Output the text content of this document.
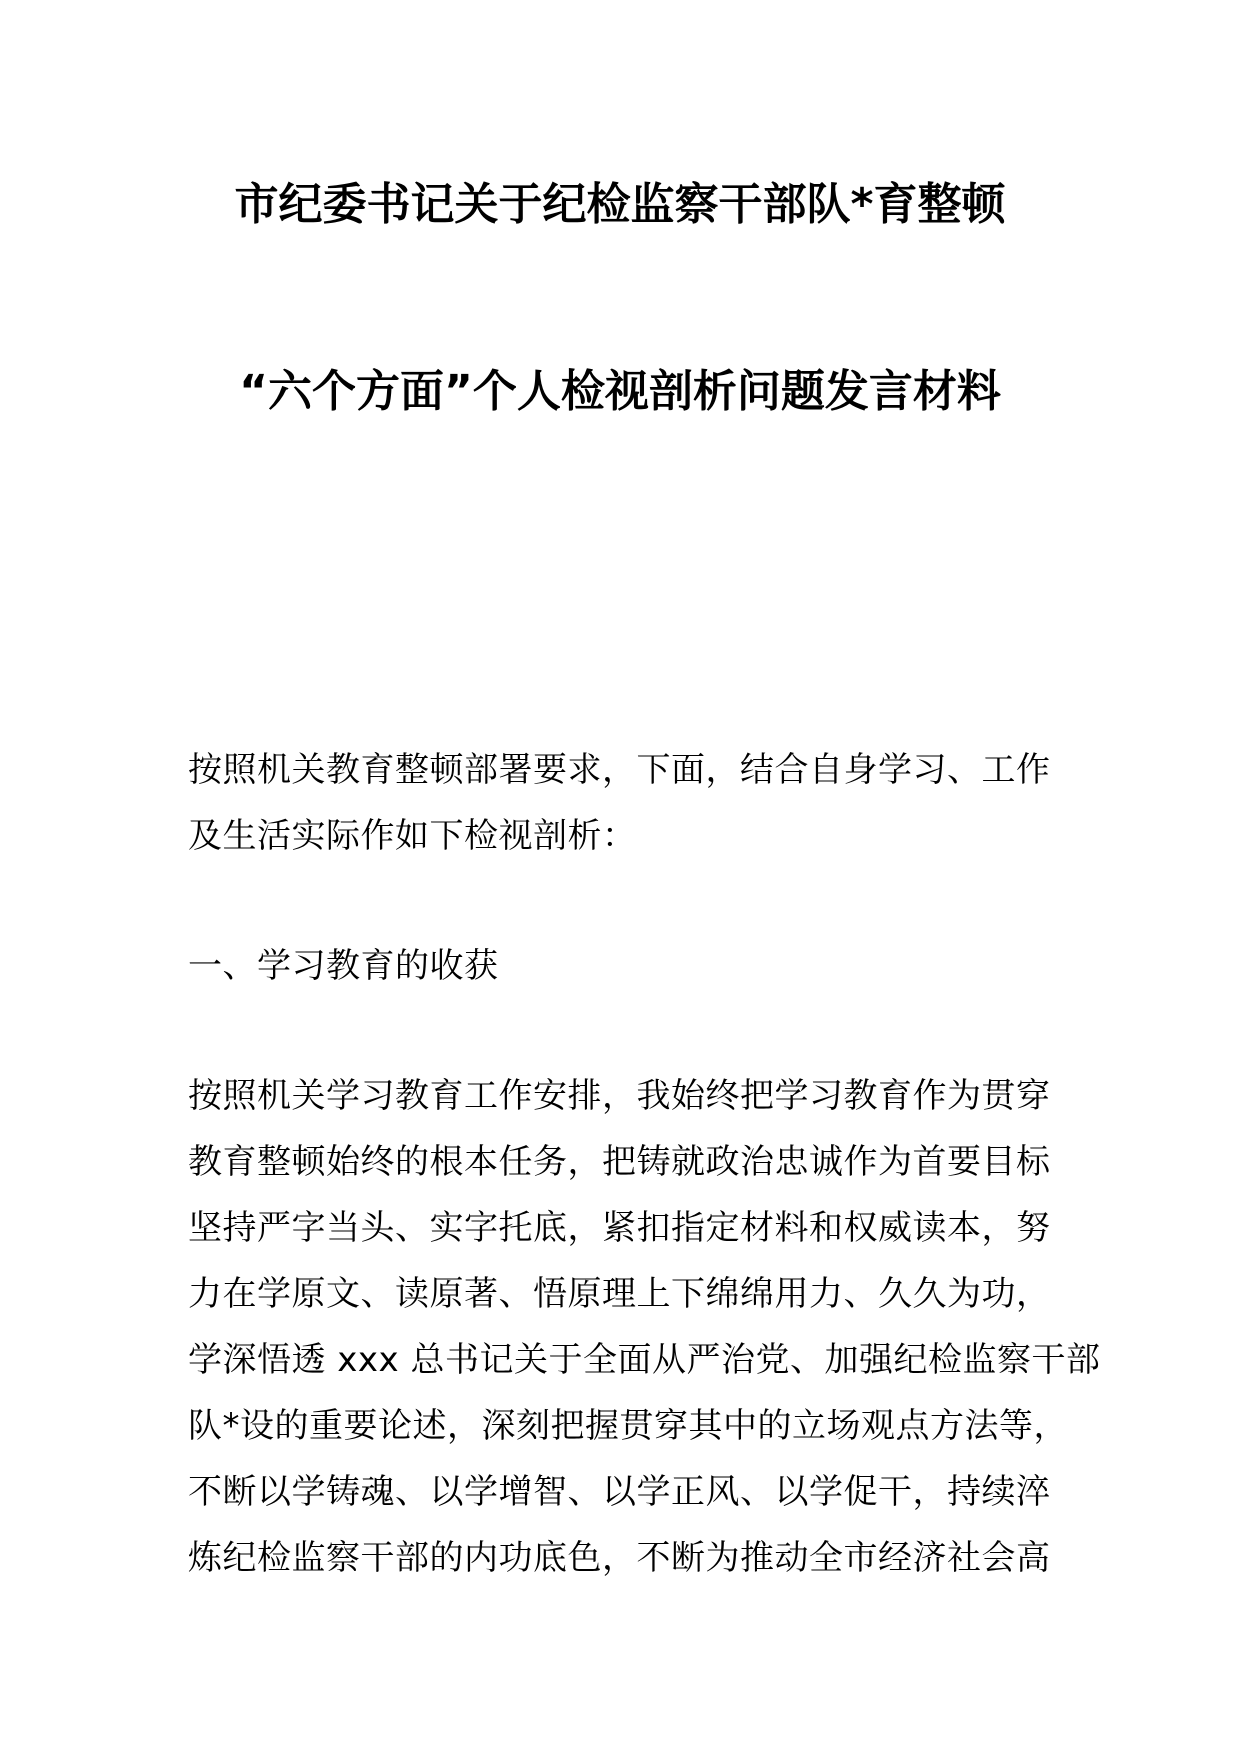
市纪委书记关于纪检监察干部队*育整顿
“六个方面”个人检视剖析问题发言材料
按照机关教育整顿部署要求，下面，结合自身学习、工作
及生活实际作如下检视剖析：
一、学习教育的收获
按照机关学习教育工作安排，我始终把学习教育作为贯穿
教育整顿始终的根本任务，把铸就政治忠诚作为首要目标
坚持严字当头、实字托底，紧扣指定材料和权威读本，努
力在学原文、读原著、悟原理上下绵绵用力、久久为功，
学深悟透 xxx 总书记关于全面从严治党、加强纪检监察干部
队*设的重要论述，深刻把握贯穿其中的立场观点方法等，
不断以学铸魂、以学增智、以学正风、以学促干，持续淬
炼纪检监察干部的内功底色，不断为推动全市经济社会高
